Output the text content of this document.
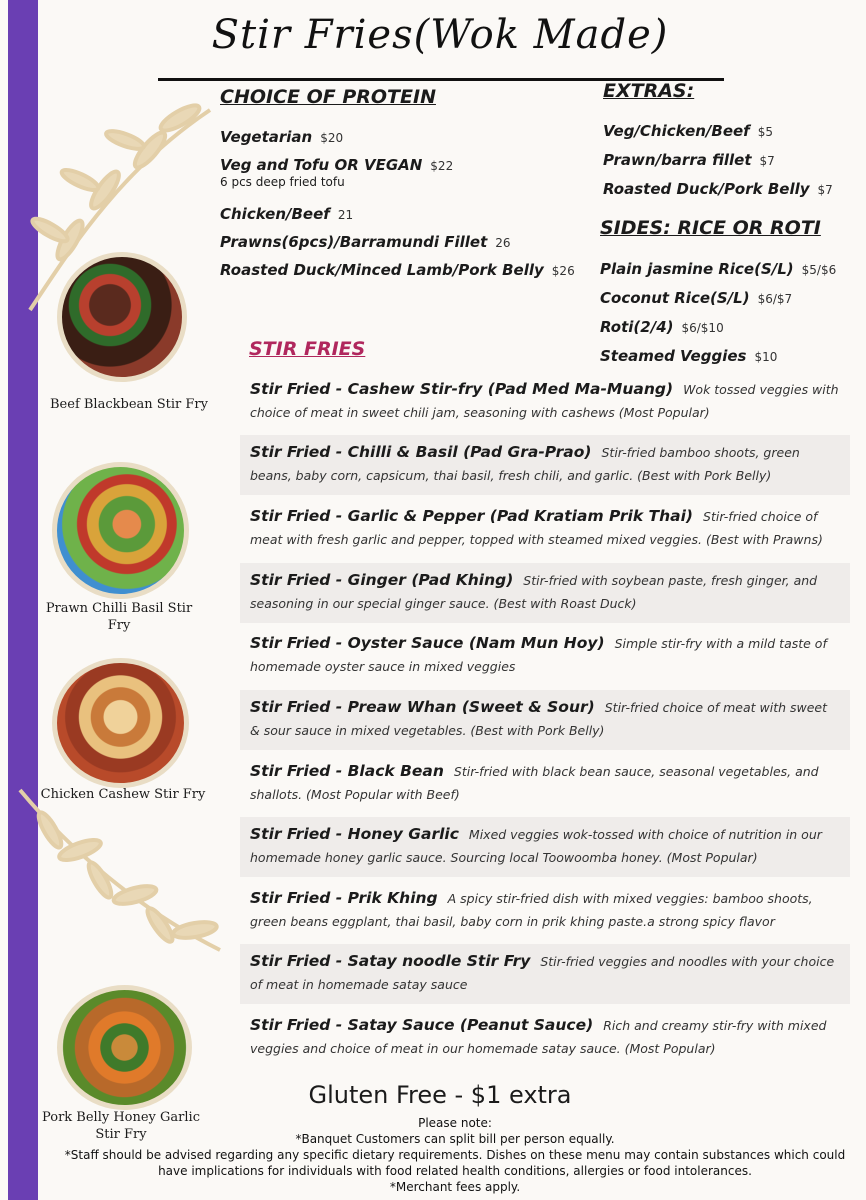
Stir Fries(Wok Made)
CHOICE OF PROTEIN
Vegetarian $20
Veg and Tofu OR VEGAN $22
6 pcs deep fried tofu
Chicken/Beef 21
Prawns(6pcs)/Barramundi Fillet 26
Roasted Duck/Minced Lamb/Pork Belly $26
EXTRAS:
Veg/Chicken/Beef $5
Prawn/barra fillet $7
Roasted Duck/Pork Belly $7
SIDES: RICE OR ROTI
Plain jasmine Rice(S/L) $5/$6
Coconut Rice(S/L) $6/$7
Roti(2/4) $6/$10
Steamed Veggies $10
STIR FRIES
Stir Fried - Cashew Stir-fry (Pad Med Ma-Muang) Wok tossed veggies with choice of meat in sweet chili jam, seasoning with cashews (Most Popular)
Stir Fried - Chilli & Basil (Pad Gra-Prao) Stir-fried bamboo shoots, green beans, baby corn, capsicum, thai basil, fresh chili, and garlic. (Best with Pork Belly)
Stir Fried - Garlic & Pepper (Pad Kratiam Prik Thai) Stir-fried choice of meat with fresh garlic and pepper, topped with steamed mixed veggies. (Best with Prawns)
Stir Fried - Ginger (Pad Khing) Stir-fried with soybean paste, fresh ginger, and seasoning in our special ginger sauce. (Best with Roast Duck)
Stir Fried - Oyster Sauce (Nam Mun Hoy) Simple stir-fry with a mild taste of homemade oyster sauce in mixed veggies
Stir Fried - Preaw Whan (Sweet & Sour) Stir-fried choice of meat with sweet & sour sauce in mixed vegetables. (Best with Pork Belly)
Stir Fried - Black Bean Stir-fried with black bean sauce, seasonal vegetables, and shallots. (Most Popular with Beef)
Stir Fried - Honey Garlic Mixed veggies wok-tossed with choice of nutrition in our homemade honey garlic sauce. Sourcing local Toowoomba honey. (Most Popular)
Stir Fried - Prik Khing A spicy stir-fried dish with mixed veggies: bamboo shoots, green beans eggplant, thai basil, baby corn in prik khing paste.a strong spicy flavor
Stir Fried - Satay noodle Stir Fry Stir-fried veggies and noodles with your choice of meat in homemade satay sauce
Stir Fried - Satay Sauce (Peanut Sauce) Rich and creamy stir-fry with mixed veggies and choice of meat in our homemade satay sauce. (Most Popular)
Beef Blackbean Stir Fry
Prawn Chilli Basil Stir Fry
Chicken Cashew Stir Fry
Pork Belly Honey Garlic Stir Fry
Gluten Free - $1 extra
Please note:
*Banquet Customers can split bill per person equally.
*Staff should be advised regarding any specific dietary requirements. Dishes on these menu may contain substances which could have implications for individuals with food related health conditions, allergies or food intolerances.
*Merchant fees apply.
